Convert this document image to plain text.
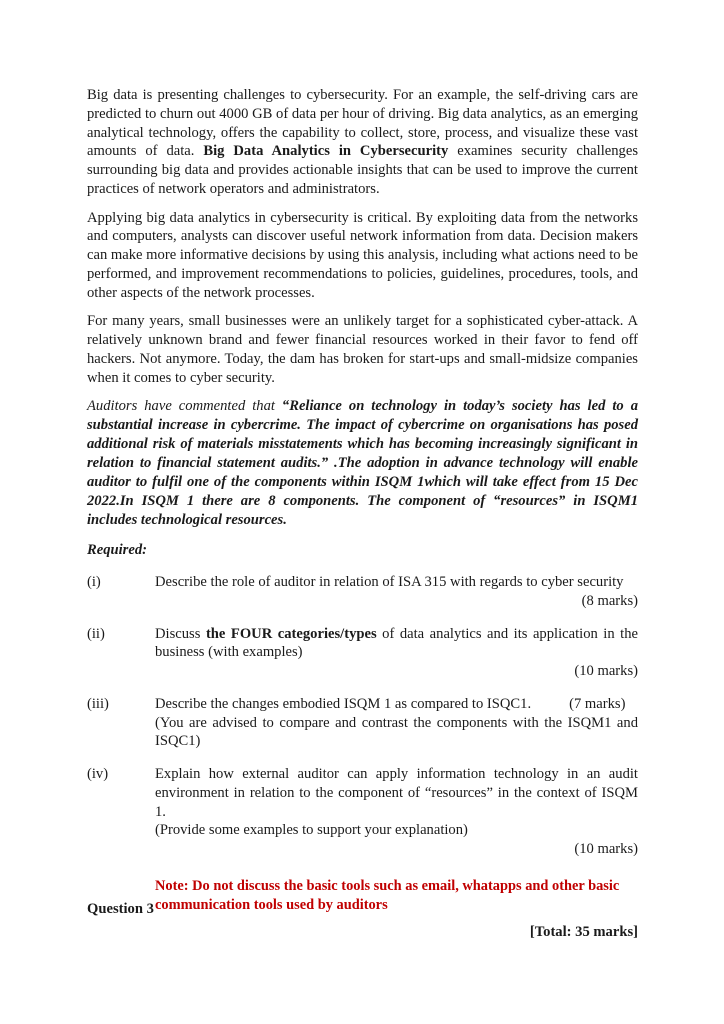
Big data is presenting challenges to cybersecurity. For an example, the self-driving cars are predicted to churn out 4000 GB of data per hour of driving. Big data analytics, as an emerging analytical technology, offers the capability to collect, store, process, and visualize these vast amounts of data. Big Data Analytics in Cybersecurity examines security challenges surrounding big data and provides actionable insights that can be used to improve the current practices of network operators and administrators.

Applying big data analytics in cybersecurity is critical. By exploiting data from the networks and computers, analysts can discover useful network information from data. Decision makers can make more informative decisions by using this analysis, including what actions need to be performed, and improvement recommendations to policies, guidelines, procedures, tools, and other aspects of the network processes.

For many years, small businesses were an unlikely target for a sophisticated cyber-attack. A relatively unknown brand and fewer financial resources worked in their favor to fend off hackers. Not anymore. Today, the dam has broken for start-ups and small-midsize companies when it comes to cyber security.

Auditors have commented that “Reliance on technology in today’s society has led to a substantial increase in cybercrime. The impact of cybercrime on organisations has posed additional risk of materials misstatements which has becoming increasingly significant in relation to financial statement audits.” .The adoption in advance technology will enable auditor to fulfil one of the components within ISQM 1which will take effect from 15 Dec 2022.In ISQM 1 there are 8 components. The component of “resources” in ISQM1 includes technological resources.

Required:

(i)	Describe the role of auditor in relation of ISA 315 with regards to cyber security
(8 marks)
(ii)	Discuss the FOUR categories/types of data analytics and its application in the business (with examples)
(10 marks)
(iii)	Describe the changes embodied ISQM 1 as compared to ISQC1.	(7 marks)
(You are advised to compare and contrast the components with the ISQM1 and ISQC1)
(iv)	Explain how external auditor can apply information technology in an audit environment in relation to the component of “resources” in the context of ISQM 1.
(Provide some examples to support your explanation)
(10 marks)
Note: Do not discuss the basic tools such as email, whatapps and other basic
communication tools used by auditors
[Total: 35 marks]
Question 3
